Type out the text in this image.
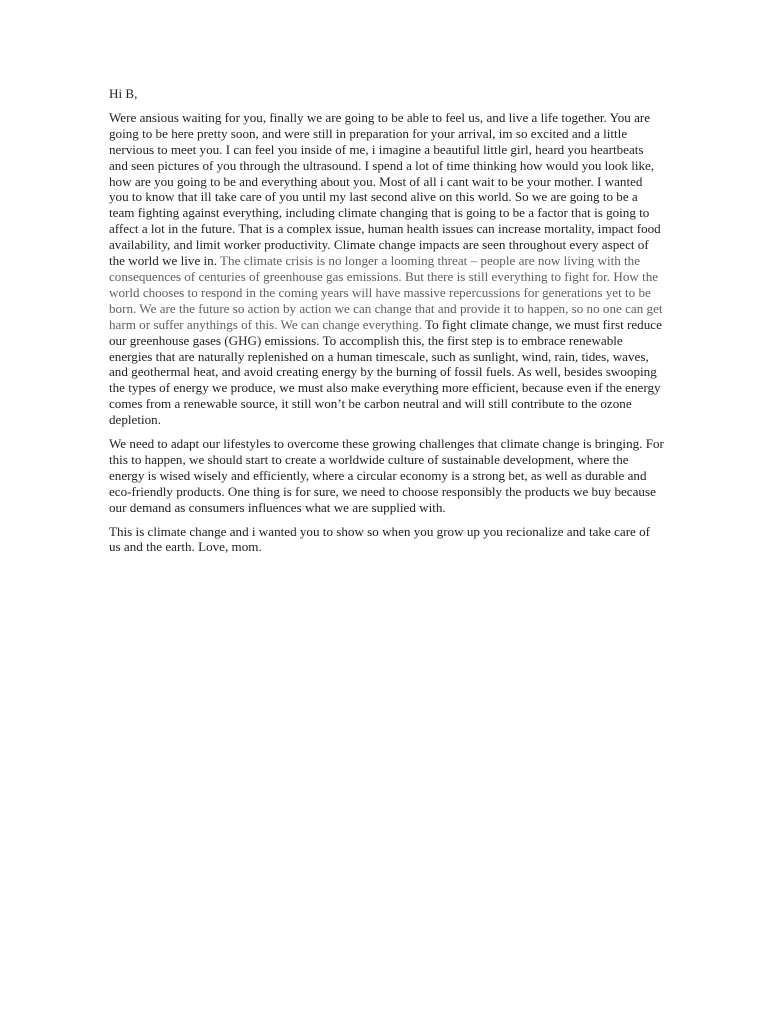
Hi B,

Were ansious waiting for you, finally we are going to be able to feel us, and live a life together. You are going to be here pretty soon, and were still in preparation for your arrival, im so excited and a little nervious to meet you. I can feel you inside of me, i imagine a beautiful little girl, heard you heartbeats and seen pictures of you through the ultrasound. I spend a lot of time thinking how would you look like, how are you going to be and everything about you. Most of all i cant wait to be your mother. I wanted you to know that ill take care of you until my last second alive on this world. So we are going to be a team fighting against everything, including climate changing that is going to be a factor that is going to affect a lot in the future. That is a complex issue, human health issues can increase mortality, impact food availability, and limit worker productivity. Climate change impacts are seen throughout every aspect of the world we live in. The climate crisis is no longer a looming threat – people are now living with the consequences of centuries of greenhouse gas emissions. But there is still everything to fight for. How the world chooses to respond in the coming years will have massive repercussions for generations yet to be born. We are the future so action by action we can change that and provide it to happen, so no one can get harm or suffer anythings of this. We can change everything. To fight climate change, we must first reduce our greenhouse gases (GHG) emissions. To accomplish this, the first step is to embrace renewable energies that are naturally replenished on a human timescale, such as sunlight, wind, rain, tides, waves, and geothermal heat, and avoid creating energy by the burning of fossil fuels. As well, besides swooping the types of energy we produce, we must also make everything more efficient, because even if the energy comes from a renewable source, it still won’t be carbon neutral and will still contribute to the ozone depletion.

We need to adapt our lifestyles to overcome these growing challenges that climate change is bringing. For this to happen, we should start to create a worldwide culture of sustainable development, where the energy is wised wisely and efficiently, where a circular economy is a strong bet, as well as durable and eco-friendly products. One thing is for sure, we need to choose responsibly the products we buy because our demand as consumers influences what we are supplied with.

This is climate change and i wanted you to show so when you grow up you recionalize and take care of us and the earth. Love, mom.
